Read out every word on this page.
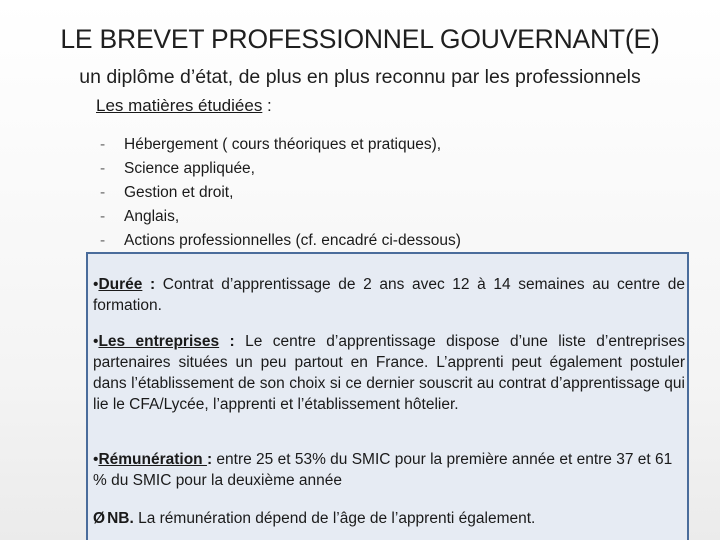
LE BREVET PROFESSIONNEL GOUVERNANT(E)
un diplôme d’état, de plus en plus reconnu par les professionnels
Les matières étudiées :
-	Hébergement ( cours théoriques et pratiques),
-	Science appliquée,
-	Gestion et droit,
-	Anglais,
-	Actions professionnelles (cf. encadré ci-dessous)
•Durée : Contrat d’apprentissage de 2 ans avec 12 à 14 semaines au centre de formation.
•Les entreprises : Le centre d’apprentissage dispose d’une liste d’entreprises partenaires situées un peu partout en France. L’apprenti peut également postuler dans l’établissement de son choix si ce dernier souscrit au contrat d’apprentissage qui lie le CFA/Lycée, l’apprenti et l’établissement hôtelier.
•Rémunération : entre 25 et 53% du SMIC pour la première année et entre 37 et 61 % du SMIC pour la deuxième année
Ø NB. La rémunération dépend de l’âge de l’apprenti également.
